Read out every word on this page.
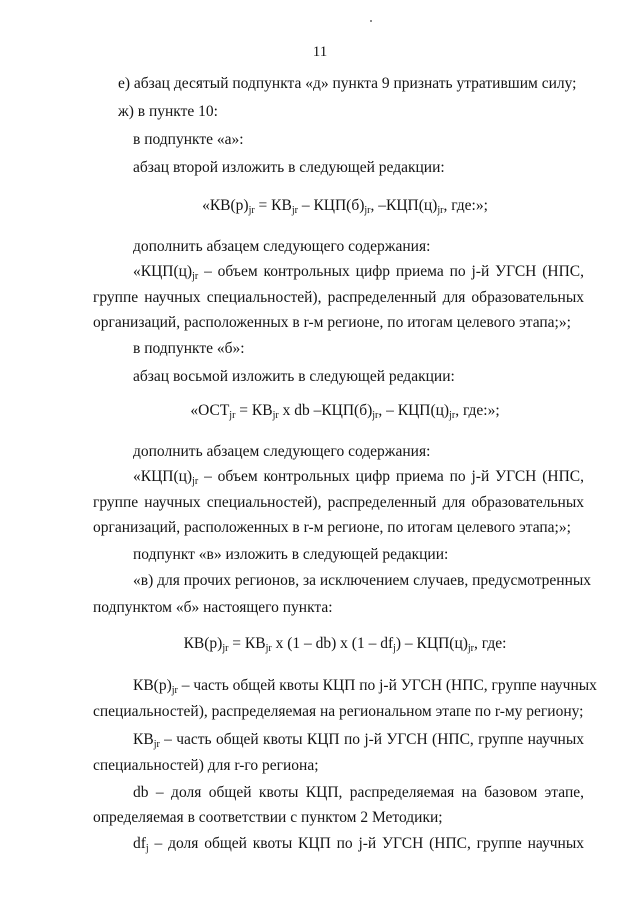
11
е) абзац десятый подпункта «д» пункта 9 признать утратившим силу;
ж) в пункте 10:
в подпункте «а»:
абзац второй изложить в следующей редакции:
«$КВ(р)_{jr} = КВ_{jr} - КЦП(б)_{jr}$, $-КЦП(ц)_{jr}$, где:»;
дополнить абзацем следующего содержания:
«$КЦП(ц)_{jr}$ – объем контрольных цифр приема по j-й УГСН (НПС,
группе научных специальностей), распределенный для образовательных
организаций, расположенных в r-м регионе, по итогам целевого этапа;»;
в подпункте «б»:
абзац восьмой изложить в следующей редакции:
«$ОСТ_{jr} = КВ_{jr}$ x db $-КЦП(б)_{jr}$, – $КЦП(ц)_{jr}$, где:»;
дополнить абзацем следующего содержания:
«$КЦП(ц)_{jr}$ – объем контрольных цифр приема по j-й УГСН (НПС,
группе научных специальностей), распределенный для образовательных
организаций, расположенных в r-м регионе, по итогам целевого этапа;»;
подпункт «в» изложить в следующей редакции:
«в) для прочих регионов, за исключением случаев, предусмотренных
подпунктом «б» настоящего пункта:
$КВ(р)_{jr} = КВ_{jr}$ x (1 – db) x $(1 - df_j) - КЦП(ц)_{jr}$, где:
$КВ(р)_{jr}$ – часть общей квоты КЦП по j-й УГСН (НПС, группе научных
специальностей), распределяемая на региональном этапе по r-му региону;
$КВ_{jr}$ – часть общей квоты КЦП по j-й УГСН (НПС, группе научных
специальностей) для r-го региона;
db – доля общей квоты КЦП, распределяемая на базовом этапе,
определяемая в соответствии с пунктом 2 Методики;
$df_j$ – доля общей квоты КЦП по j-й УГСН (НПС, группе научных
